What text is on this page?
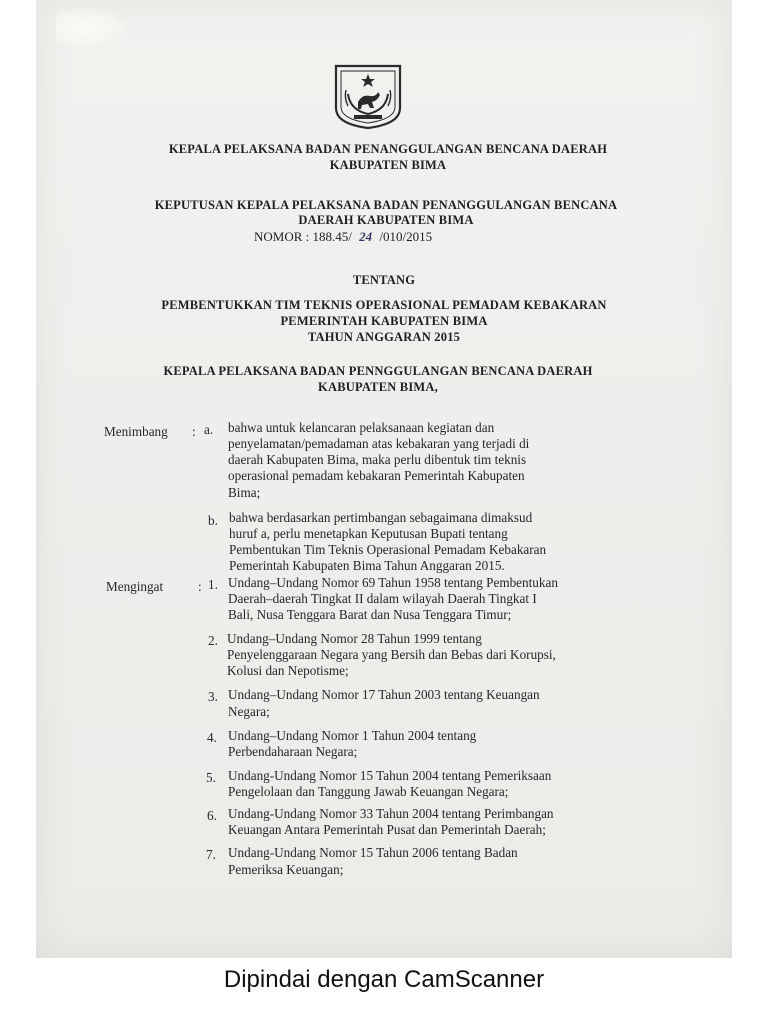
KEPALA PELAKSANA BADAN PENANGGULANGAN BENCANA DAERAH
KABUPATEN BIMA
KEPUTUSAN KEPALA PELAKSANA BADAN PENANGGULANGAN BENCANA
DAERAH KABUPATEN BIMA
NOMOR : 188.45/ 24 /010/2015
TENTANG
PEMBENTUKKAN TIM TEKNIS OPERASIONAL PEMADAM KEBAKARAN
PEMERINTAH KABUPATEN BIMA
TAHUN ANGGARAN 2015
KEPALA PELAKSANA BADAN PENNGGULANGAN BENCANA DAERAH
KABUPATEN BIMA,
Menimbang : a. bahwa untuk kelancaran pelaksanaan kegiatan dan
penyelamatan/pemadaman atas kebakaran yang terjadi di
daerah Kabupaten Bima, maka perlu dibentuk tim teknis
operasional pemadam kebakaran Pemerintah Kabupaten
Bima;
b. bahwa berdasarkan pertimbangan sebagaimana dimaksud
huruf a, perlu menetapkan Keputusan Bupati tentang
Pembentukan Tim Teknis Operasional Pemadam Kebakaran
Pemerintah Kabupaten Bima Tahun Anggaran 2015.
Mengingat	: 1. Undang–Undang Nomor 69 Tahun 1958 tentang Pembentukan
Daerah–daerah Tingkat II dalam wilayah Daerah Tingkat I
Bali, Nusa Tenggara Barat dan Nusa Tenggara Timur;
2. Undang–Undang Nomor 28 Tahun 1999 tentang
Penyelenggaraan Negara yang Bersih dan Bebas dari Korupsi,
Kolusi dan Nepotisme;
3. Undang–Undang Nomor 17 Tahun 2003 tentang Keuangan
Negara;
4. Undang–Undang Nomor 1 Tahun 2004 tentang
Perbendaharaan Negara;
5. Undang-Undang Nomor 15 Tahun 2004 tentang Pemeriksaan
Pengelolaan dan Tanggung Jawab Keuangan Negara;
6. Undang-Undang Nomor 33 Tahun 2004 tentang Perimbangan
Keuangan Antara Pemerintah Pusat dan Pemerintah Daerah;
7. Undang-Undang Nomor 15 Tahun 2006 tentang Badan
Pemeriksa Keuangan;
Dipindai dengan CamScanner
